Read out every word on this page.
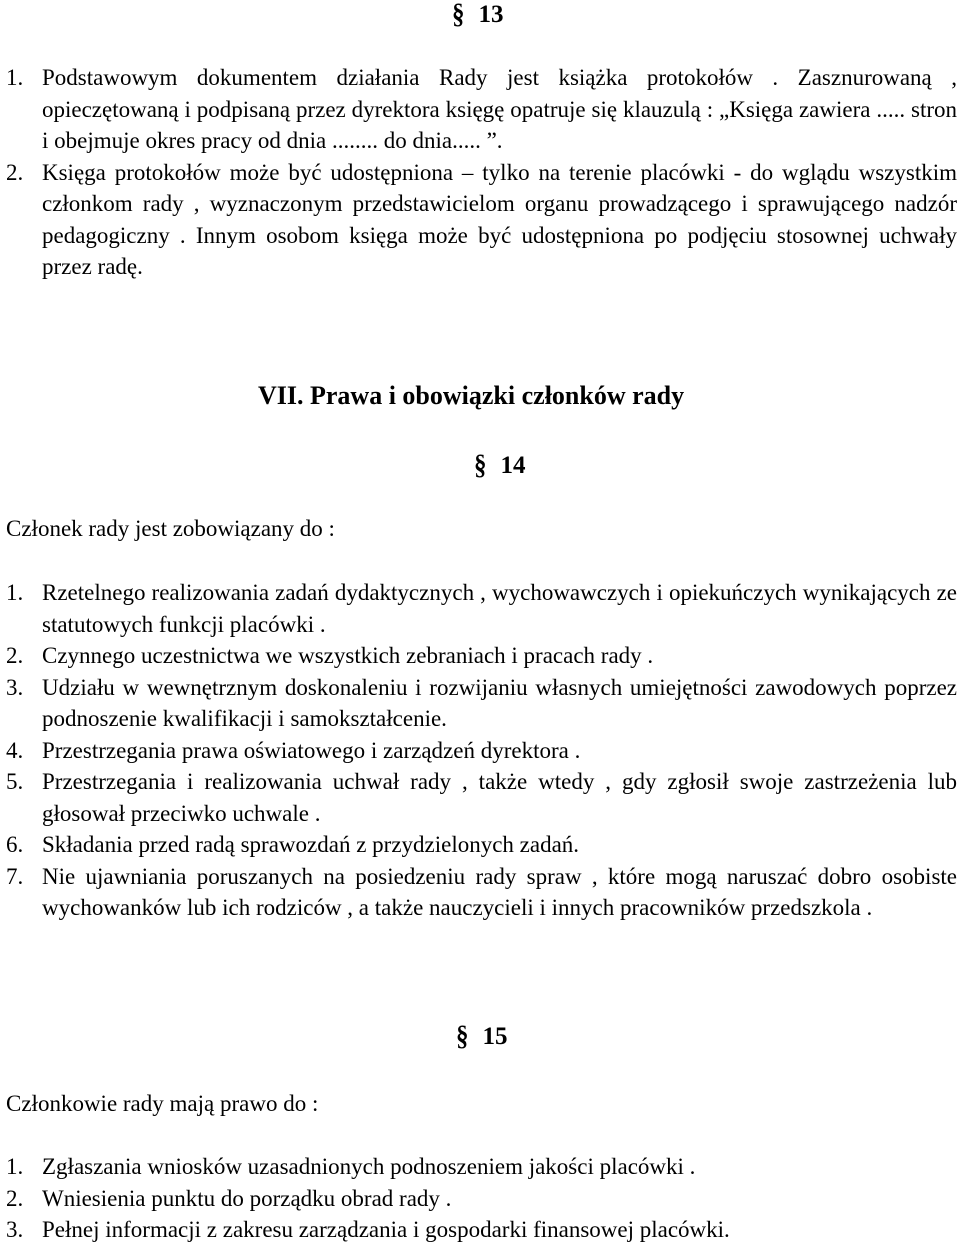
§ 13
1. Podstawowym dokumentem działania Rady jest książka protokołów . Zasznurowaną , opieczętowaną i podpisaną przez dyrektora księgę opatruje się klauzulą : „Księga zawiera ..... stron i obejmuje okres pracy od dnia ........ do dnia..... ”.
2. Księga protokołów może być udostępniona – tylko na terenie placówki - do wglądu wszystkim członkom rady , wyznaczonym przedstawicielom organu prowadzącego i sprawującego nadzór pedagogiczny . Innym osobom księga może być udostępniona po podjęciu stosownej uchwały przez radę.
VII. Prawa i obowiązki członków rady
§ 14
Członek rady jest zobowiązany do :
1. Rzetelnego realizowania zadań dydaktycznych , wychowawczych i opiekuńczych wynikających ze statutowych funkcji placówki .
2. Czynnego uczestnictwa we wszystkich zebraniach i pracach rady .
3. Udziału w wewnętrznym doskonaleniu i rozwijaniu własnych umiejętności zawodowych poprzez podnoszenie kwalifikacji i samokształcenie.
4. Przestrzegania prawa oświatowego i zarządzeń dyrektora .
5. Przestrzegania i realizowania uchwał rady , także wtedy , gdy zgłosił swoje zastrzeżenia lub głosował przeciwko uchwale .
6. Składania przed radą sprawozdań z przydzielonych zadań.
7. Nie ujawniania poruszanych na posiedzeniu rady spraw , które mogą naruszać dobro osobiste wychowanków lub ich rodziców , a także nauczycieli i innych pracowników przedszkola .
§ 15
Członkowie rady mają prawo do :
1. Zgłaszania wniosków uzasadnionych podnoszeniem jakości placówki .
2. Wniesienia punktu do porządku obrad rady .
3. Pełnej informacji z zakresu zarządzania i gospodarki finansowej placówki.
